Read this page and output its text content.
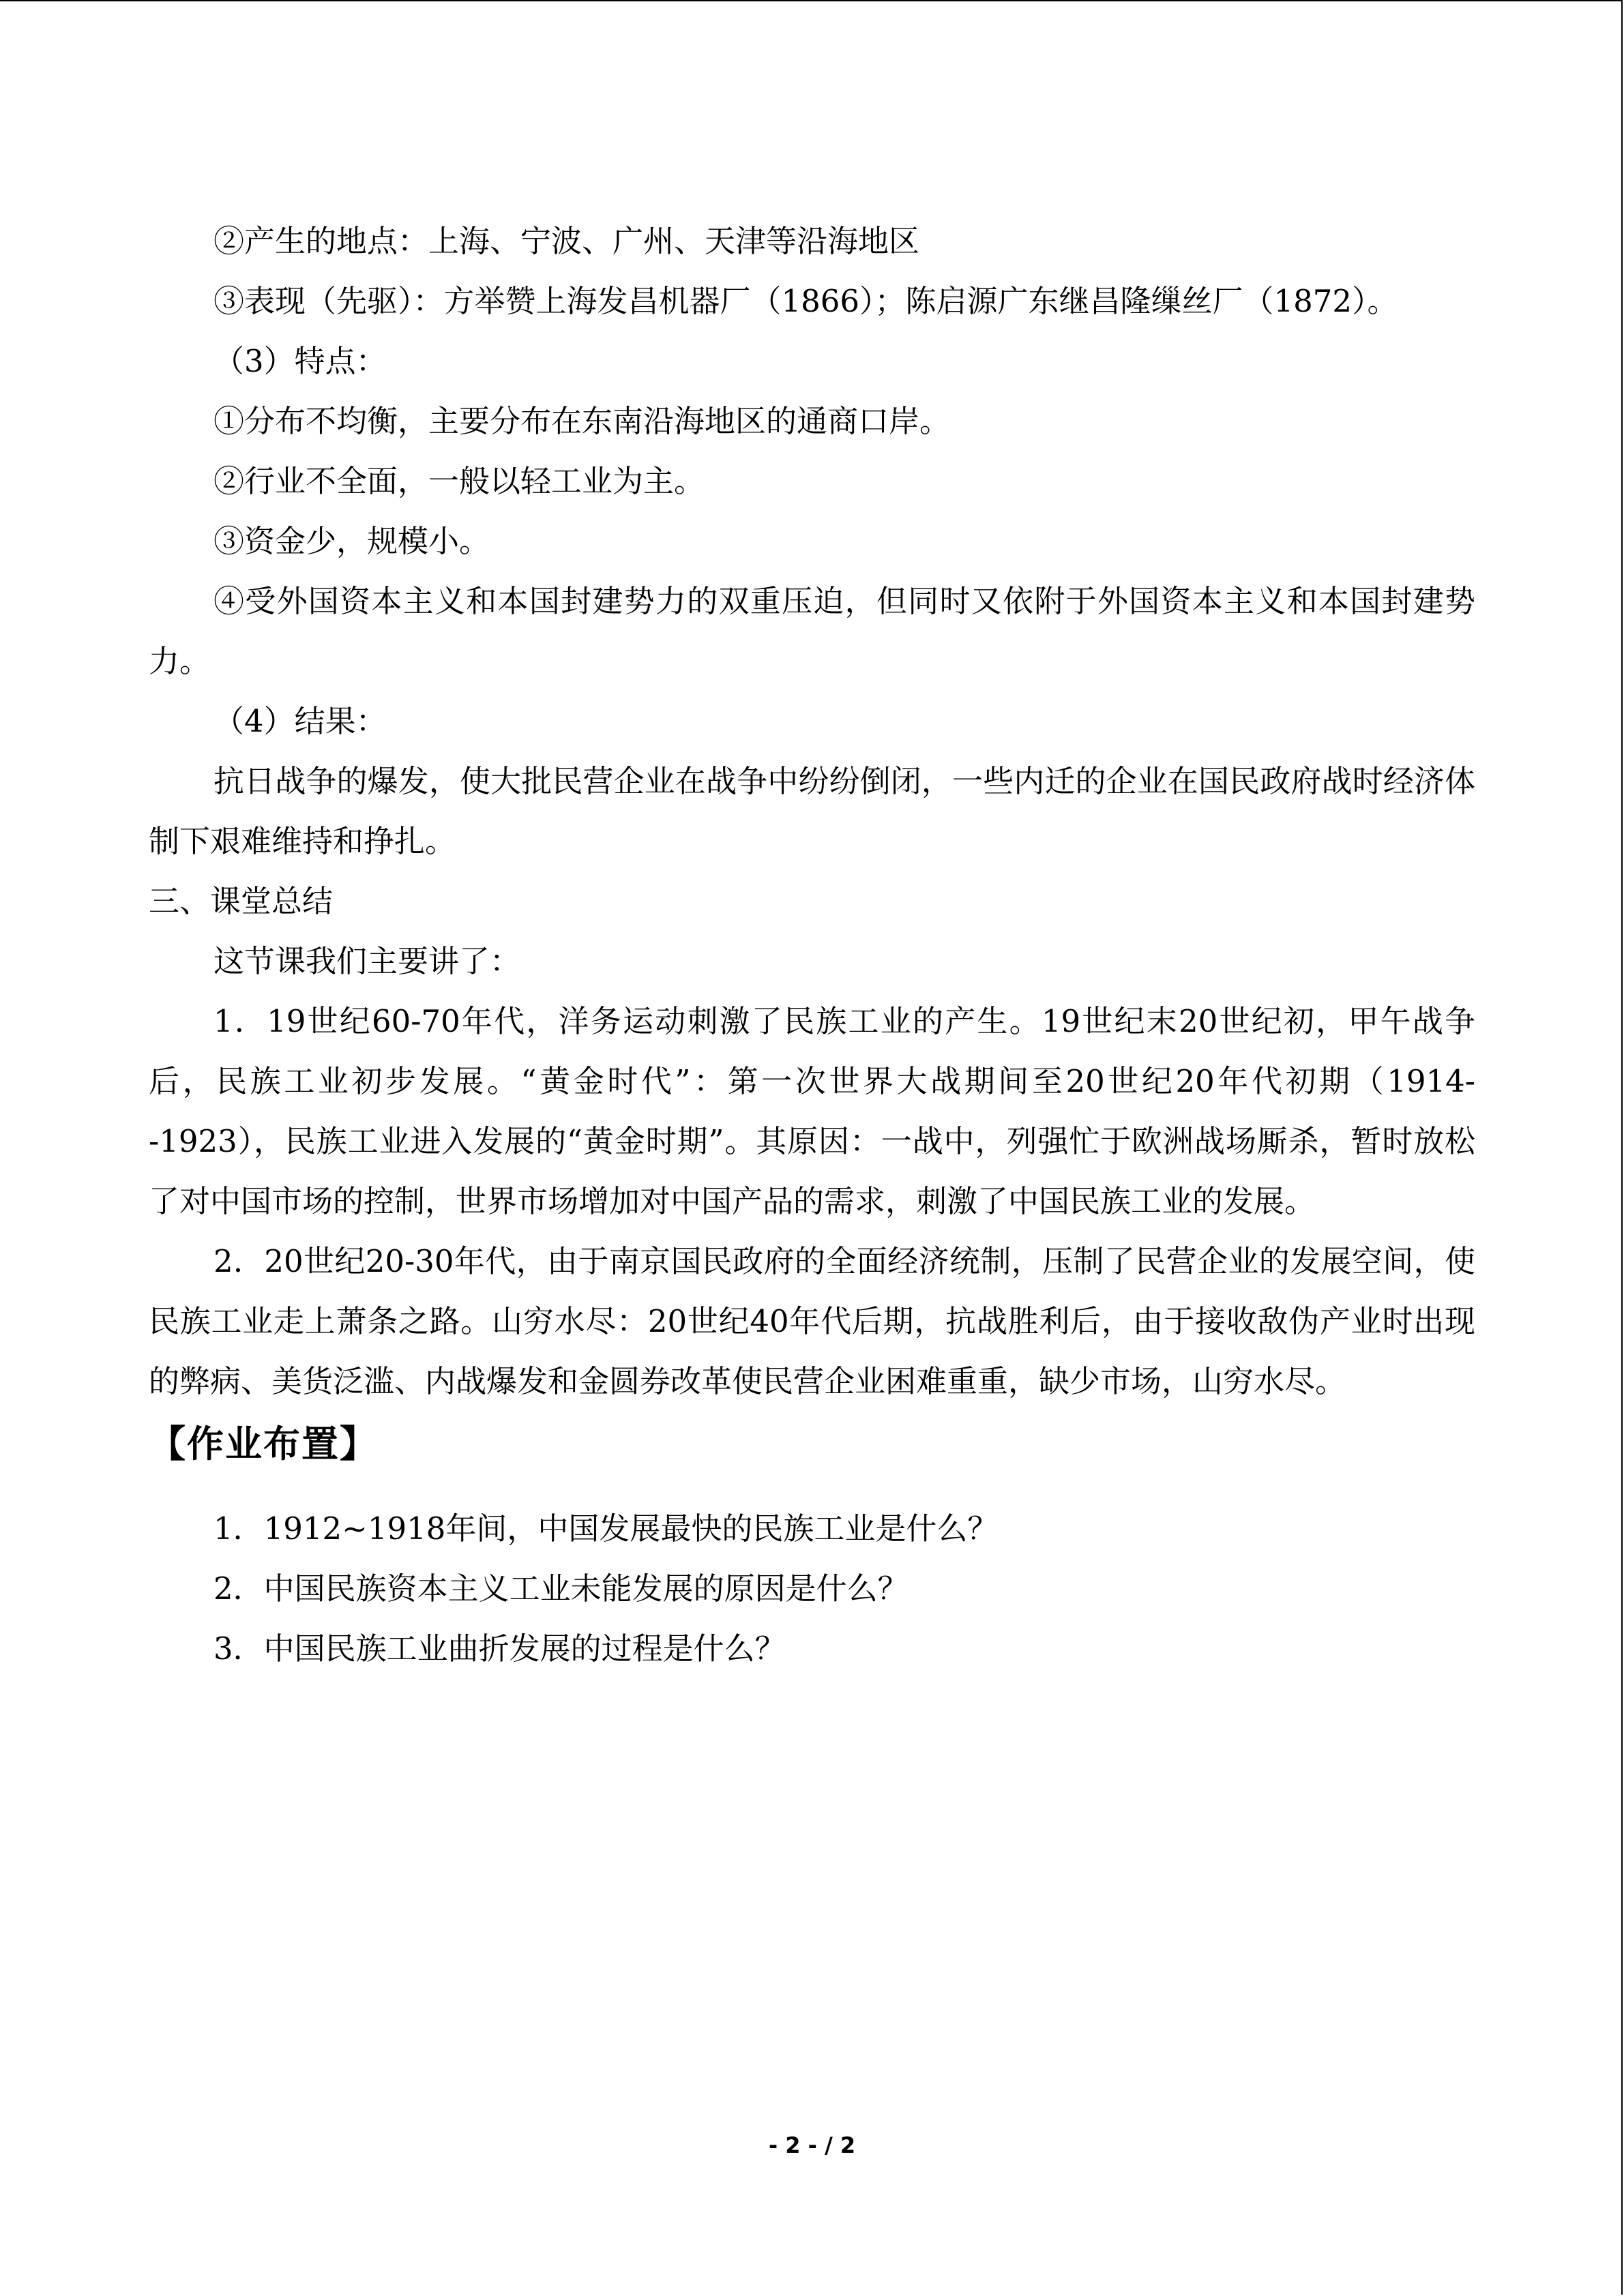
②产生的地点：上海、宁波、广州、天津等沿海地区

③表现（先驱）：方举赞上海发昌机器厂（1866）；陈启源广东继昌隆缫丝厂（1872）。

（3）特点：

①分布不均衡，主要分布在东南沿海地区的通商口岸。

②行业不全面，一般以轻工业为主。

③资金少，规模小。

④受外国资本主义和本国封建势力的双重压迫，但同时又依附于外国资本主义和本国封建势力。

（4）结果：

抗日战争的爆发，使大批民营企业在战争中纷纷倒闭，一些内迁的企业在国民政府战时经济体制下艰难维持和挣扎。

三、课堂总结

这节课我们主要讲了：

1．19世纪60-70年代，洋务运动刺激了民族工业的产生。19世纪末20世纪初，甲午战争后，民族工业初步发展。“黄金时代”：第一次世界大战期间至20世纪20年代初期（1914--1923），民族工业进入发展的“黄金时期”。其原因：一战中，列强忙于欧洲战场厮杀，暂时放松了对中国市场的控制，世界市场增加对中国产品的需求，刺激了中国民族工业的发展。

2．20世纪20-30年代，由于南京国民政府的全面经济统制，压制了民营企业的发展空间，使民族工业走上萧条之路。山穷水尽：20世纪40年代后期，抗战胜利后，由于接收敌伪产业时出现的弊病、美货泛滥、内战爆发和金圆券改革使民营企业困难重重，缺少市场，山穷水尽。

【作业布置】

1．1912~1918年间，中国发展最快的民族工业是什么？

2．中国民族资本主义工业未能发展的原因是什么？

3．中国民族工业曲折发展的过程是什么？

- 2 - / 2
